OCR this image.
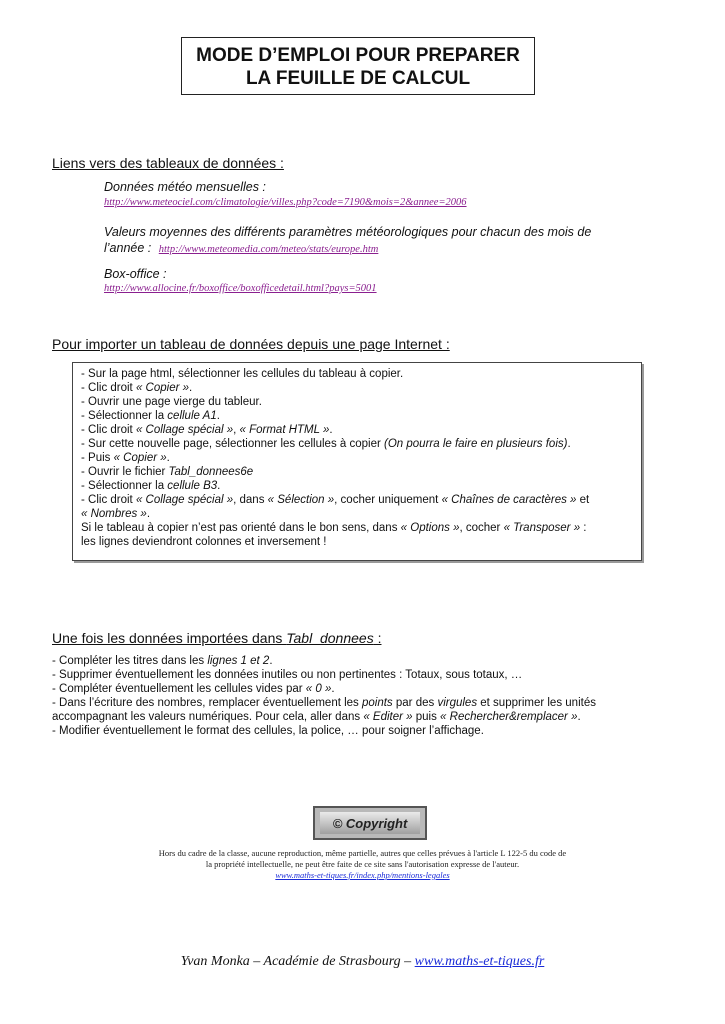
MODE D’EMPLOI POUR PREPARER
LA FEUILLE DE CALCUL
Liens vers des tableaux de données :
Données météo mensuelles :
http://www.meteociel.com/climatologie/villes.php?code=7190&mois=2&annee=2006
Valeurs moyennes des différents paramètres météorologiques pour chacun des mois de
l’année : http://www.meteomedia.com/meteo/stats/europe.htm
Box-office :
http://www.allocine.fr/boxoffice/boxofficedetail.html?pays=5001
Pour importer un tableau de données depuis une page Internet :
- Sur la page html, sélectionner les cellules du tableau à copier.
- Clic droit « Copier ».
- Ouvrir une page vierge du tableur.
- Sélectionner la cellule A1.
- Clic droit « Collage spécial », « Format HTML ».
- Sur cette nouvelle page, sélectionner les cellules à copier (On pourra le faire en plusieurs fois).
- Puis « Copier ».
- Ouvrir le fichier Tabl_donnees6e
- Sélectionner la cellule B3.
- Clic droit « Collage spécial », dans « Sélection », cocher uniquement « Chaînes de caractères » et
« Nombres ».
Si le tableau à copier n’est pas orienté dans le bon sens, dans « Options », cocher « Transposer » :
les lignes deviendront colonnes et inversement !
Une fois les données importées dans Tabl_donnees :
- Compléter les titres dans les lignes 1 et 2.
- Supprimer éventuellement les données inutiles ou non pertinentes : Totaux, sous totaux, …
- Compléter éventuellement les cellules vides par « 0 ».
- Dans l’écriture des nombres, remplacer éventuellement les points par des virgules et supprimer les unités
accompagnant les valeurs numériques. Pour cela, aller dans « Editer » puis « Rechercher&remplacer ».
- Modifier éventuellement le format des cellules, la police, … pour soigner l’affichage.
© Copyright
Hors du cadre de la classe, aucune reproduction, même partielle, autres que celles prévues à l'article L 122-5 du code de
la propriété intellectuelle, ne peut être faite de ce site sans l'autorisation expresse de l'auteur.
www.maths-et-tiques.fr/index.php/mentions-legales
Yvan Monka – Académie de Strasbourg – www.maths-et-tiques.fr
